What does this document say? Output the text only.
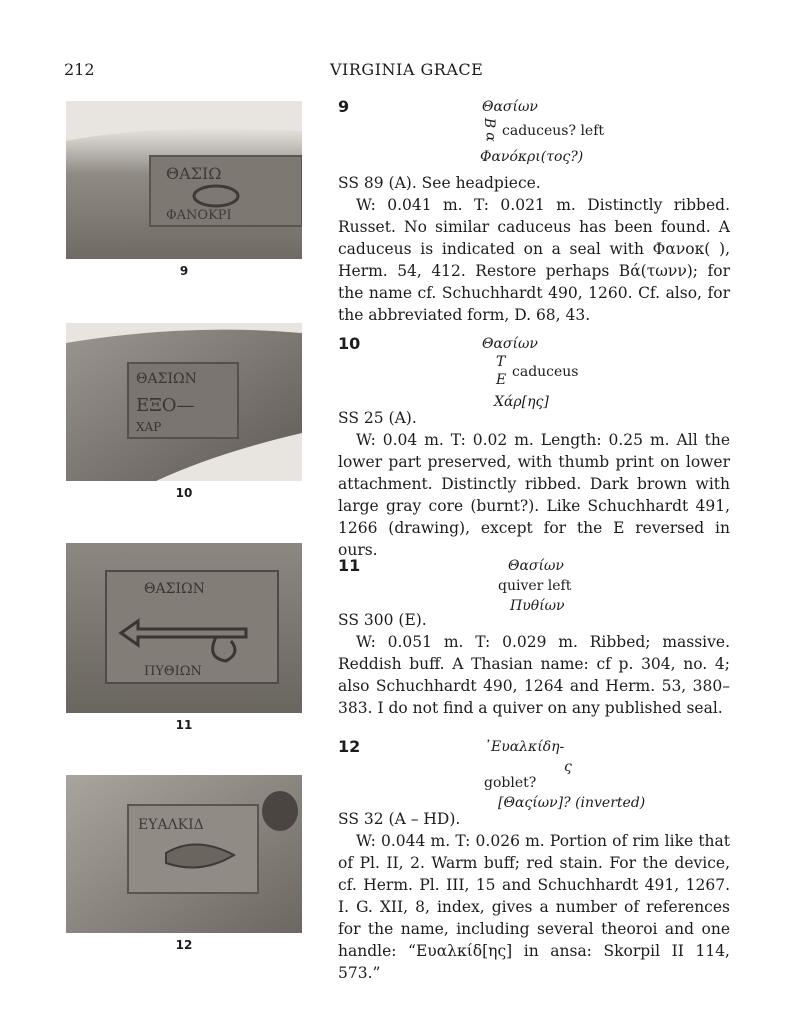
212	VIRGINIA GRACE
ΘΑΣΙΩ
ΦΑΝΟΚΡΙ
9
ΘΑΣΙΩΝ
ΕΞΟ—
ΧΑΡ
10
ΘΑΣΙΩΝ
ΠΥΘΙΩΝ
11
ΕΥΑΛΚΙΔ
12
9	Θασίων
Β
α caduceus? left
Φανόκρι(τος?)

SS 89 (A). See headpiece.

W: 0.041 m. T: 0.021 m. Distinctly ribbed. Russet. No similar caduceus has been found. A caduceus is indicated on a seal with Φανοκ( ), Herm. 54, 412. Restore perhaps Βά(τωνν); for the name cf. Schuchhardt 490, 1260. Cf. also, for the abbreviated form, D. 68, 43.

10	Θασίων
Τ
Ε caduceus
Χάρ[ης]

SS 25 (A).

W: 0.04 m. T: 0.02 m. Length: 0.25 m. All the lower part preserved, with thumb print on lower attachment. Distinctly ribbed. Dark brown with large gray core (burnt?). Like Schuchhardt 491, 1266 (drawing), except for the E reversed in ours.

11	Θασίων
quiver left
Πυθίων

SS 300 (E).

W: 0.051 m. T: 0.029 m. Ribbed; massive. Reddish buff. A Thasian name: cf p. 304, no. 4; also Schuchhardt 490, 1264 and Herm. 53, 380–383. I do not find a quiver on any published seal.

12	᾿Ευαλκίδη-
ς
goblet?
[Θαςίων]? (inverted)

SS 32 (A – HD).

W: 0.044 m. T: 0.026 m. Portion of rim like that of Pl. II, 2. Warm buff; red stain. For the device, cf. Herm. Pl. III, 15 and Schuchhardt 491, 1267. I. G. XII, 8, index, gives a number of references for the name, including several theoroi and one handle: “Ευαλκίδ[ης] in ansa: Skorpil II 114, 573.”
